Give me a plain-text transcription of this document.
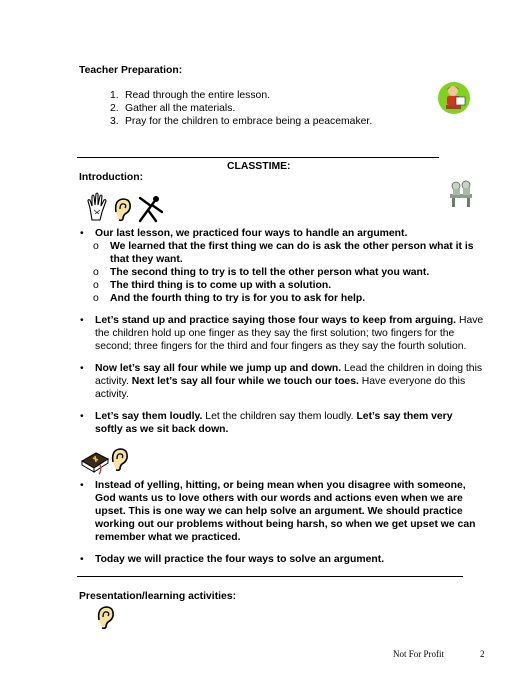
Teacher Preparation:
1. Read through the entire lesson.
2. Gather all the materials.
3. Pray for the children to embrace being a peacemaker.
CLASSTIME:
Introduction:
•	Our last lesson, we practiced four ways to handle an argument.
o	We learned that the first thing we can do is ask the other person what it is
that they want.
o	The second thing to try is to tell the other person what you want.
o	The third thing is to come up with a solution.
o	And the fourth thing to try is for you to ask for help.
•	Let’s stand up and practice saying those four ways to keep from arguing. Have
the children hold up one finger as they say the first solution; two fingers for the
second; three fingers for the third and four fingers as they say the fourth solution.
•	Now let’s say all four while we jump up and down. Lead the children in doing this
activity. Next let’s say all four while we touch our toes. Have everyone do this
activity.
•	Let’s say them loudly. Let the children say them loudly. Let’s say them very
softly as we sit back down.
•	Instead of yelling, hitting, or being mean when you disagree with someone,
God wants us to love others with our words and actions even when we are
upset. This is one way we can help solve an argument. We should practice
working out our problems without being harsh, so when we get upset we can
remember what we practiced.
•	Today we will practice the four ways to solve an argument.
Presentation/learning activities:
Not For Profit	2
